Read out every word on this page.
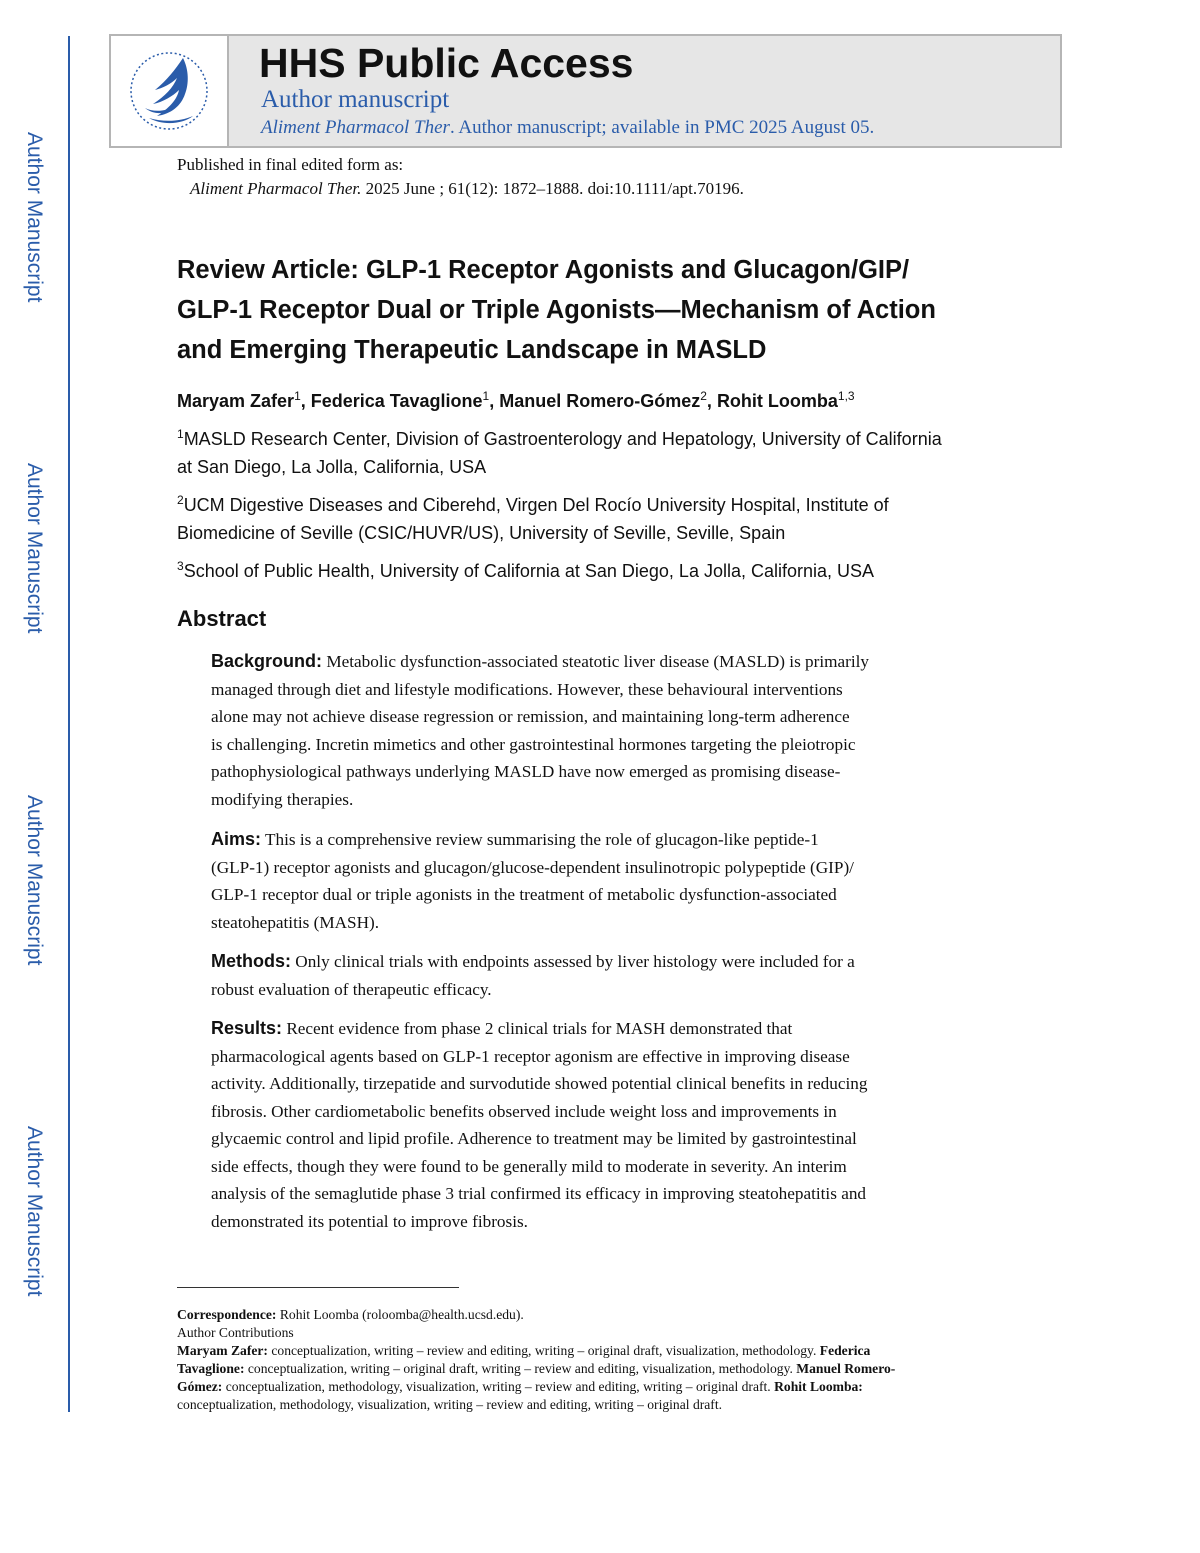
Author Manuscript
Author Manuscript
Author Manuscript
Author Manuscript
HHS Public Access
Author manuscript
Aliment Pharmacol Ther. Author manuscript; available in PMC 2025 August 05.
Published in final edited form as:
Aliment Pharmacol Ther. 2025 June ; 61(12): 1872–1888. doi:10.1111/apt.70196.
Review Article: GLP-1 Receptor Agonists and Glucagon/GIP/
GLP-1 Receptor Dual or Triple Agonists—Mechanism of Action
and Emerging Therapeutic Landscape in MASLD
Maryam Zafer$^1$, Federica Tavaglione$^1$, Manuel Romero-Gómez$^2$, Rohit Loomba$^{1,3}$
$^1$MASLD Research Center, Division of Gastroenterology and Hepatology, University of California
at San Diego, La Jolla, California, USA
$^2$UCM Digestive Diseases and Ciberehd, Virgen Del Rocío University Hospital, Institute of
Biomedicine of Seville (CSIC/HUVR/US), University of Seville, Seville, Spain
$^3$School of Public Health, University of California at San Diego, La Jolla, California, USA
Abstract
Background: Metabolic dysfunction-associated steatotic liver disease (MASLD) is primarily
managed through diet and lifestyle modifications. However, these behavioural interventions
alone may not achieve disease regression or remission, and maintaining long-term adherence
is challenging. Incretin mimetics and other gastrointestinal hormones targeting the pleiotropic
pathophysiological pathways underlying MASLD have now emerged as promising disease-
modifying therapies.
Aims: This is a comprehensive review summarising the role of glucagon-like peptide-1
(GLP-1) receptor agonists and glucagon/glucose-dependent insulinotropic polypeptide (GIP)/
GLP-1 receptor dual or triple agonists in the treatment of metabolic dysfunction-associated
steatohepatitis (MASH).
Methods: Only clinical trials with endpoints assessed by liver histology were included for a
robust evaluation of therapeutic efficacy.
Results: Recent evidence from phase 2 clinical trials for MASH demonstrated that
pharmacological agents based on GLP-1 receptor agonism are effective in improving disease
activity. Additionally, tirzepatide and survodutide showed potential clinical benefits in reducing
fibrosis. Other cardiometabolic benefits observed include weight loss and improvements in
glycaemic control and lipid profile. Adherence to treatment may be limited by gastrointestinal
side effects, though they were found to be generally mild to moderate in severity. An interim
analysis of the semaglutide phase 3 trial confirmed its efficacy in improving steatohepatitis and
demonstrated its potential to improve fibrosis.
Correspondence: Rohit Loomba (roloomba@health.ucsd.edu).
Author Contributions
Maryam Zafer: conceptualization, writing – review and editing, writing – original draft, visualization, methodology. Federica
Tavaglione: conceptualization, writing – original draft, writing – review and editing, visualization, methodology. Manuel Romero-
Gómez: conceptualization, methodology, visualization, writing – review and editing, writing – original draft. Rohit Loomba:
conceptualization, methodology, visualization, writing – review and editing, writing – original draft.
